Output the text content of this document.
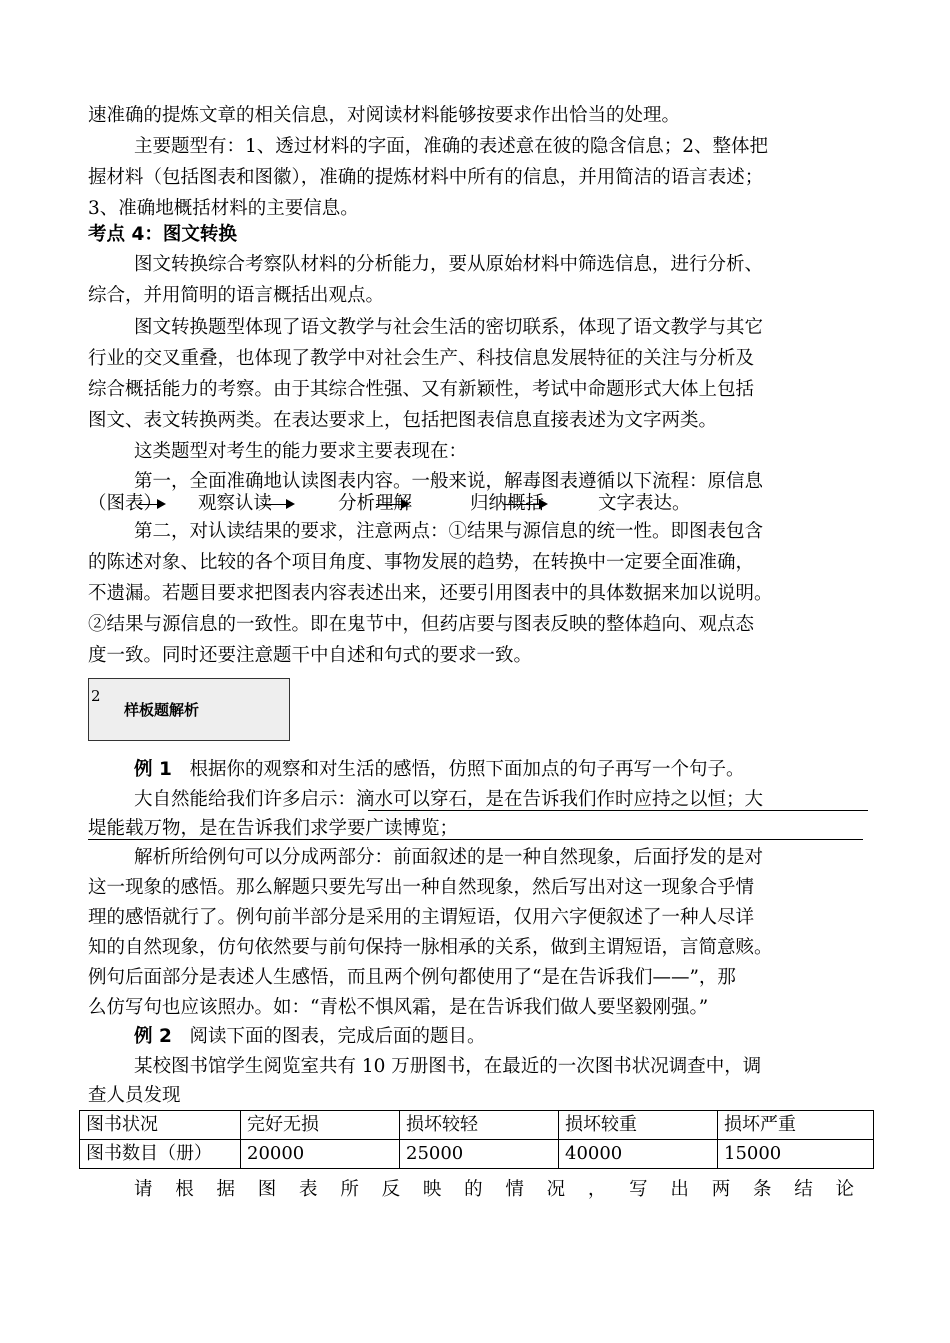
速准确的提炼文章的相关信息，对阅读材料能够按要求作出恰当的处理。
主要题型有：1、透过材料的字面，准确的表述意在彼的隐含信息；2、整体把
握材料（包括图表和图徽），准确的提炼材料中所有的信息，并用简洁的语言表述；
3、准确地概括材料的主要信息。
考点 4：图文转换
图文转换综合考察队材料的分析能力，要从原始材料中筛选信息，进行分析、
综合，并用简明的语言概括出观点。
图文转换题型体现了语文教学与社会生活的密切联系，体现了语文教学与其它
行业的交叉重叠，也体现了教学中对社会生产、科技信息发展特征的关注与分析及
综合概括能力的考察。由于其综合性强、又有新颖性，考试中命题形式大体上包括
图文、表文转换两类。在表达要求上，包括把图表信息直接表述为文字两类。
这类题型对考生的能力要求主要表现在：
第一，全面准确地认读图表内容。一般来说，解毒图表遵循以下流程：原信息
（图表） 观察认读	分析理解	归纳概括	文字表达。
第二，对认读结果的要求，注意两点：①结果与源信息的统一性。即图表包含
的陈述对象、比较的各个项目角度、事物发展的趋势，在转换中一定要全面准确，
不遗漏。若题目要求把图表内容表述出来，还要引用图表中的具体数据来加以说明。
②结果与源信息的一致性。即在鬼节中，但药店要与图表反映的整体趋向、观点态
度一致。同时还要注意题干中自述和句式的要求一致。
2
样板题解析
例 1 根据你的观察和对生活的感悟，仿照下面加点的句子再写一个句子。
大自然能给我们许多启示：滴水可以穿石，是在告诉我们作时应持之以恒；大
堤能载万物，是在告诉我们求学要广读博览；
解析所给例句可以分成两部分：前面叙述的是一种自然现象，后面抒发的是对
这一现象的感悟。那么解题只要先写出一种自然现象，然后写出对这一现象合乎情
理的感悟就行了。例句前半部分是采用的主谓短语，仅用六字便叙述了一种人尽详
知的自然现象，仿句依然要与前句保持一脉相承的关系，做到主谓短语，言简意赅。
例句后面部分是表述人生感悟，而且两个例句都使用了“是在告诉我们——”，那
么仿写句也应该照办。如：“青松不惧风霜，是在告诉我们做人要坚毅刚强。”
例 2 阅读下面的图表，完成后面的题目。
某校图书馆学生阅览室共有 10 万册图书，在最近的一次图书状况调查中，调
查人员发现
图书状况	完好无损	损坏较轻	损坏较重	损坏严重
图书数目（册）	20000	25000	40000	15000
请根据图表所反映的情况，写出两条结论
